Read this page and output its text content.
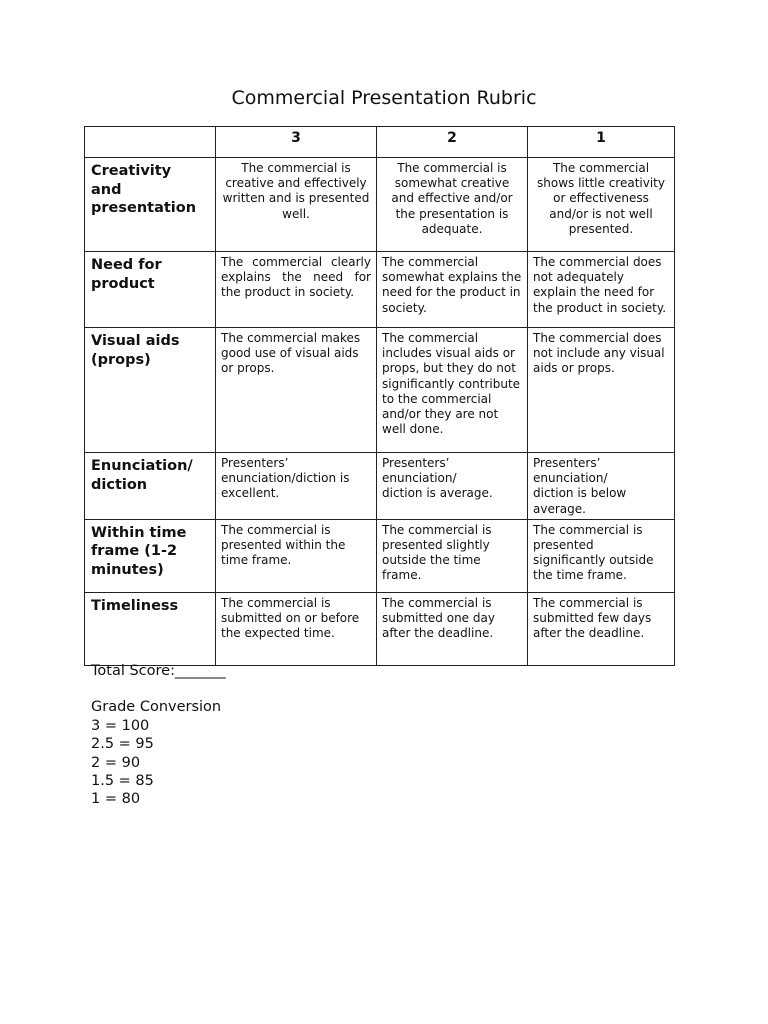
Commercial Presentation Rubric
	3	2	1
Creativity and presentation	The commercial is creative and effectively written and is presented well.	The commercial is somewhat creative and effective and/or the presentation is adequate.	The commercial shows little creativity or effectiveness and/or is not well presented.
Need for product	The commercial clearly explains the need for the product in society.	The commercial somewhat explains the need for the product in society.	The commercial does not adequately explain the need for the product in society.
Visual aids (props)	The commercial makes good use of visual aids or props.	The commercial includes visual aids or props, but they do not significantly contribute to the commercial and/or they are not well done.	The commercial does not include any visual aids or props.
Enunciation/ diction	Presenters’ enunciation/diction is excellent.	Presenters’ enunciation/ diction is average.	Presenters’ enunciation/ diction is below average.
Within time frame (1-2 minutes)	The commercial is presented within the time frame.	The commercial is presented slightly outside the time frame.	The commercial is presented significantly outside the time frame.
Timeliness	The commercial is submitted on or before the expected time.	The commercial is submitted one day after the deadline.	The commercial is submitted few days after the deadline.
Total Score:_______
Grade Conversion
3 = 100
2.5 = 95
2 = 90
1.5 = 85
1 = 80
